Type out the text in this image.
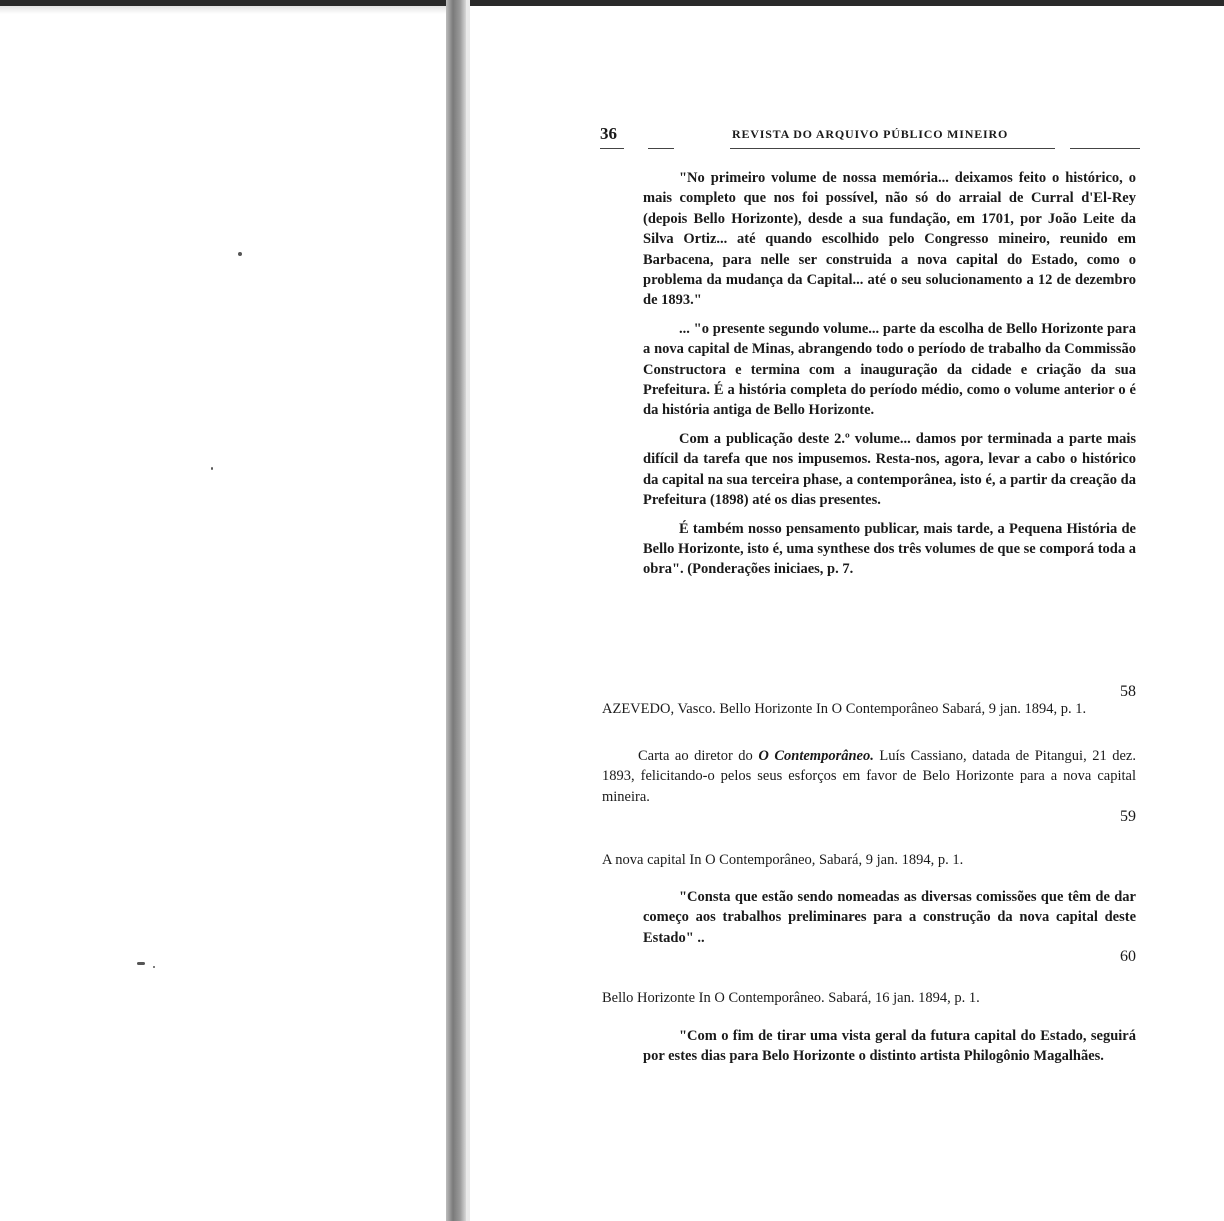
36	REVISTA DO ARQUIVO PÚBLICO MINEIRO

"No primeiro volume de nossa memória... deixamos feito o histórico, o mais completo que nos foi possível, não só do arraial de Curral d'El-Rey (depois Bello Horizonte), desde a sua fundação, em 1701, por João Leite da Silva Ortiz... até quando escolhido pelo Congresso mineiro, reunido em Barbacena, para nelle ser construida a nova capital do Estado, como o problema da mudança da Capital... até o seu solucionamento a 12 de dezembro de 1893."

... "o presente segundo volume... parte da escolha de Bello Horizonte para a nova capital de Minas, abrangendo todo o período de trabalho da Commissão Constructora e termina com a inauguração da cidade e criação da sua Prefeitura. É a história completa do período médio, como o volume anterior o é da história antiga de Bello Horizonte.

Com a publicação deste 2.º volume... damos por terminada a parte mais difícil da tarefa que nos impusemos. Resta-nos, agora, levar a cabo o histórico da capital na sua terceira phase, a contemporânea, isto é, a partir da creação da Prefeitura (1898) até os dias presentes.

É também nosso pensamento publicar, mais tarde, a Pequena História de Bello Horizonte, isto é, uma synthese dos três volumes de que se comporá toda a obra". (Ponderações iniciaes, p. 7.

58
AZEVEDO, Vasco. Bello Horizonte In O Contemporâneo Sabará, 9 jan. 1894, p. 1.
Carta ao diretor do O Contemporâneo. Luís Cassiano, datada de Pitangui, 21 dez. 1893, felicitando-o pelos seus esforços em favor de Belo Horizonte para a nova capital mineira.
59
A nova capital In O Contemporâneo, Sabará, 9 jan. 1894, p. 1.
"Consta que estão sendo nomeadas as diversas comissões que têm de dar começo aos trabalhos preliminares para a construção da nova capital deste Estado" ..
60
Bello Horizonte In O Contemporâneo. Sabará, 16 jan. 1894, p. 1.
"Com o fim de tirar uma vista geral da futura capital do Estado, seguirá por estes dias para Belo Horizonte o distinto artista Philogônio Magalhães.
